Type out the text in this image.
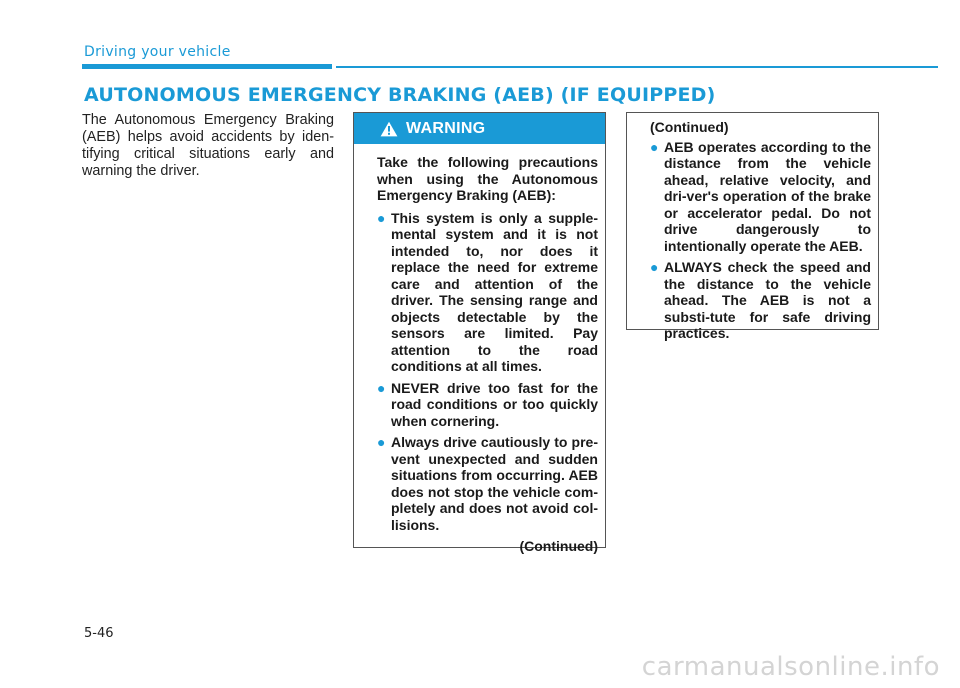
Driving your vehicle
AUTONOMOUS EMERGENCY BRAKING (AEB) (IF EQUIPPED)

The Autonomous Emergency Braking (AEB) helps avoid accidents by iden-tifying critical situations early and warning the driver.

WARNING
Take the following precautions when using the Autonomous Emergency Braking (AEB):
● This system is only a supple-mental system and it is not intended to, nor does it replace the need for extreme care and attention of the driver. The sensing range and objects detectable by the sensors are limited. Pay attention to the road conditions at all times.
● NEVER drive too fast for the road conditions or too quickly when cornering.
● Always drive cautiously to pre-vent unexpected and sudden situations from occurring. AEB does not stop the vehicle com-pletely and does not avoid col-lisions.
(Continued)
(Continued)
● AEB operates according to the distance from the vehicle ahead, relative velocity, and dri-ver's operation of the brake or accelerator pedal. Do not drive dangerously to intentionally operate the AEB.
● ALWAYS check the speed and the distance to the vehicle ahead. The AEB is not a substi-tute for safe driving practices.
5-46
carmanualsonline.info
